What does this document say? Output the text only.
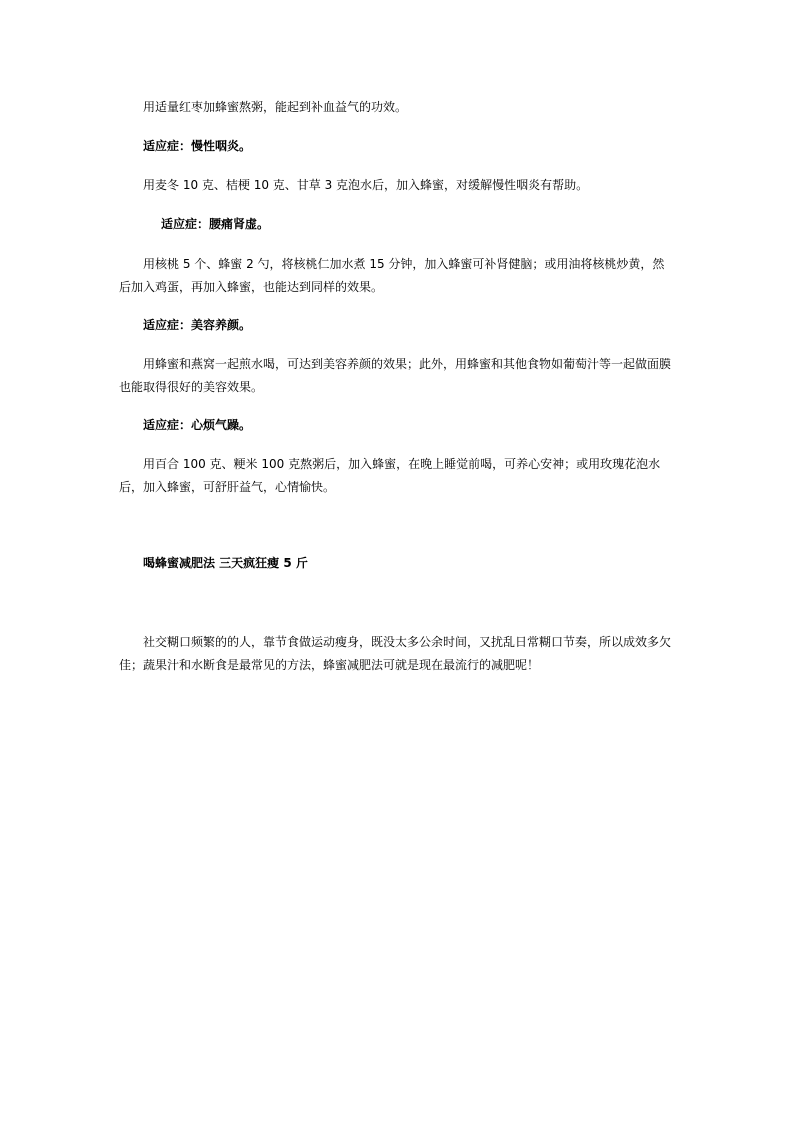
用适量红枣加蜂蜜熬粥，能起到补血益气的功效。

适应症：慢性咽炎。

用麦冬 10 克、桔梗 10 克、甘草 3 克泡水后，加入蜂蜜，对缓解慢性咽炎有帮助。

适应症：腰痛肾虚。

用核桃 5 个、蜂蜜 2 勺，将核桃仁加水煮 15 分钟，加入蜂蜜可补肾健脑；或用油将核桃炒黄，然后加入鸡蛋，再加入蜂蜜，也能达到同样的效果。

适应症：美容养颜。

用蜂蜜和燕窝一起煎水喝，可达到美容养颜的效果；此外，用蜂蜜和其他食物如葡萄汁等一起做面膜也能取得很好的美容效果。

适应症：心烦气躁。

用百合 100 克、粳米 100 克熬粥后，加入蜂蜜，在晚上睡觉前喝，可养心安神；或用玫瑰花泡水后，加入蜂蜜，可舒肝益气，心情愉快。

喝蜂蜜减肥法 三天疯狂瘦 5 斤

社交糊口频繁的的人，靠节食做运动瘦身，既没太多公余时间，又扰乱日常糊口节奏，所以成效多欠佳；蔬果汁和水断食是最常见的方法，蜂蜜减肥法可就是现在最流行的减肥呢！
